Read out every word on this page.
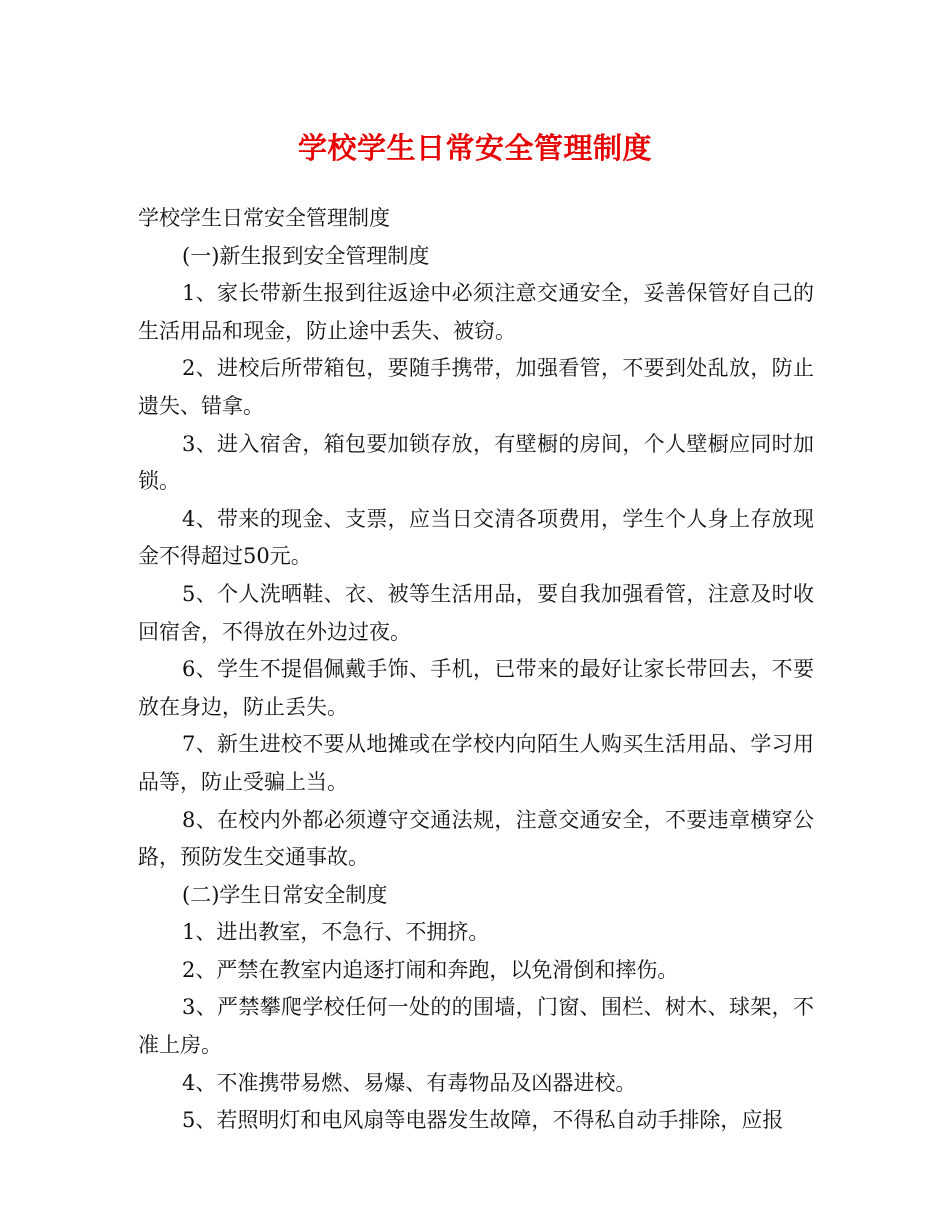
学校学生日常安全管理制度

学校学生日常安全管理制度

(一)新生报到安全管理制度

1、家长带新生报到往返途中必须注意交通安全，妥善保管好自己的生活用品和现金，防止途中丢失、被窃。

2、进校后所带箱包，要随手携带，加强看管，不要到处乱放，防止遗失、错拿。

3、进入宿舍，箱包要加锁存放，有壁橱的房间，个人壁橱应同时加锁。

4、带来的现金、支票，应当日交清各项费用，学生个人身上存放现金不得超过50元。

5、个人洗晒鞋、衣、被等生活用品，要自我加强看管，注意及时收回宿舍，不得放在外边过夜。

6、学生不提倡佩戴手饰、手机，已带来的最好让家长带回去，不要放在身边，防止丢失。

7、新生进校不要从地摊或在学校内向陌生人购买生活用品、学习用品等，防止受骗上当。

8、在校内外都必须遵守交通法规，注意交通安全，不要违章横穿公路，预防发生交通事故。

(二)学生日常安全制度

1、进出教室，不急行、不拥挤。

2、严禁在教室内追逐打闹和奔跑，以免滑倒和摔伤。

3、严禁攀爬学校任何一处的的围墙，门窗、围栏、树木、球架，不准上房。

4、不准携带易燃、易爆、有毒物品及凶器进校。

5、若照明灯和电风扇等电器发生故障，不得私自动手排除，应报
